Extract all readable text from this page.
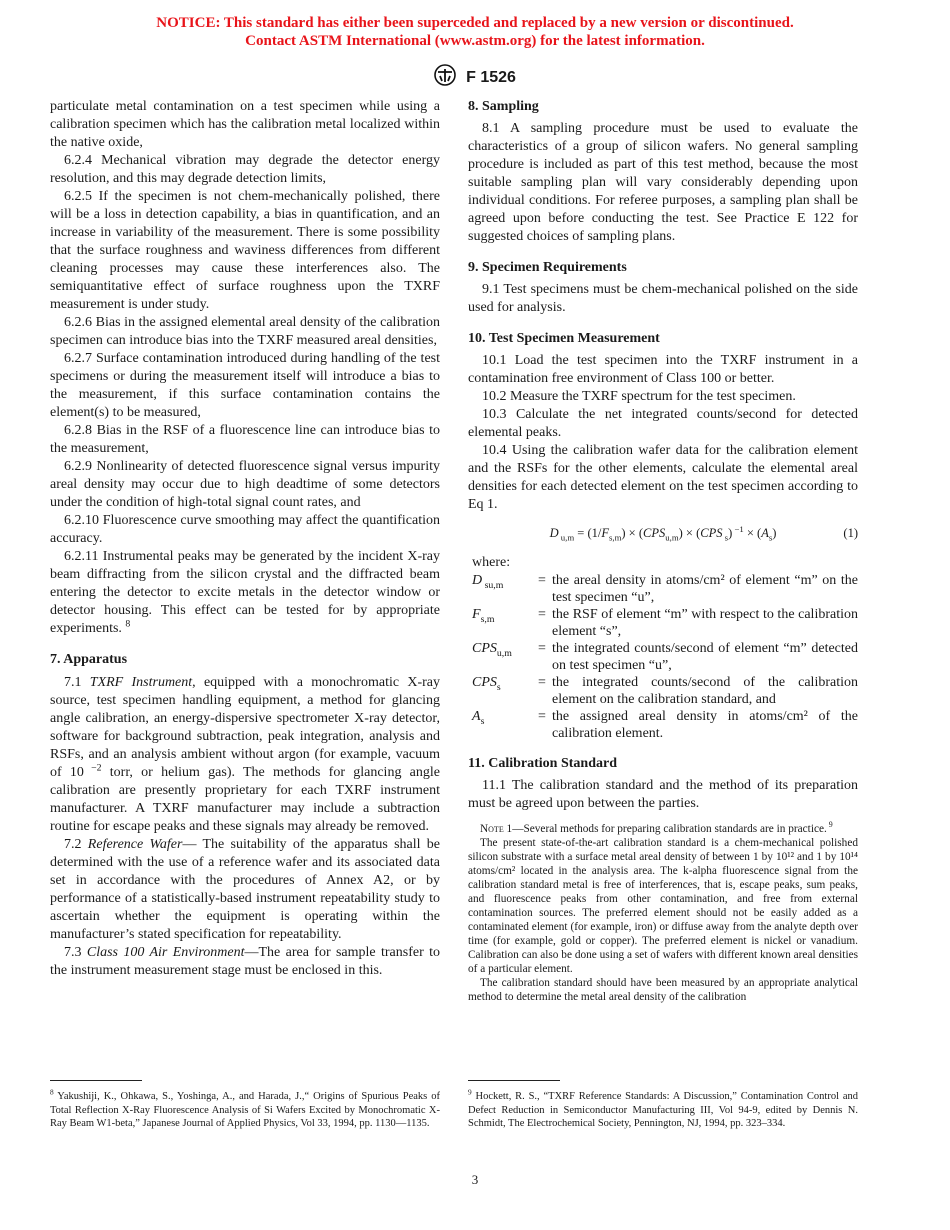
NOTICE: This standard has either been superceded and replaced by a new version or discontinued.
Contact ASTM International (www.astm.org) for the latest information.
F 1526

particulate metal contamination on a test specimen while using a calibration specimen which has the calibration metal localized within the native oxide,

6.2.4 Mechanical vibration may degrade the detector energy resolution, and this may degrade detection limits,

6.2.5 If the specimen is not chem-mechanically polished, there will be a loss in detection capability, a bias in quantification, and an increase in variability of the measurement. There is some possibility that the surface roughness and waviness differences from different cleaning processes may cause these interferences also. The semiquantitative effect of surface roughness upon the TXRF measurement is under study.

6.2.6 Bias in the assigned elemental areal density of the calibration specimen can introduce bias into the TXRF measured areal densities,

6.2.7 Surface contamination introduced during handling of the test specimens or during the measurement itself will introduce a bias to the measurement, if this surface contamination contains the element(s) to be measured,

6.2.8 Bias in the RSF of a fluorescence line can introduce bias to the measurement,

6.2.9 Nonlinearity of detected fluorescence signal versus impurity areal density may occur due to high deadtime of some detectors under the condition of high-total signal count rates, and

6.2.10 Fluorescence curve smoothing may affect the quantification accuracy.

6.2.11 Instrumental peaks may be generated by the incident X-ray beam diffracting from the silicon crystal and the diffracted beam entering the detector to excite metals in the detector window or detector housing. This effect can be tested for by appropriate experiments. $^8$

7. Apparatus

7.1 TXRF Instrument, equipped with a monochromatic X-ray source, test specimen handling equipment, a method for glancing angle calibration, an energy-dispersive spectrometer X-ray detector, software for background subtraction, peak integration, analysis and RSFs, and an analysis ambient without argon (for example, vacuum of 10 $^{-2}$ torr, or helium gas). The methods for glancing angle calibration are presently proprietary for each TXRF instrument manufacturer. A TXRF manufacturer may include a subtraction routine for escape peaks and these signals may already be removed.

7.2 Reference Wafer— The suitability of the apparatus shall be determined with the use of a reference wafer and its associated data set in accordance with the procedures of Annex A2, or by performance of a statistically-based instrument repeatability study to ascertain whether the equipment is operating within the manufacturer’s stated specification for repeatability.

7.3 Class 100 Air Environment—The area for sample transfer to the instrument measurement stage must be enclosed in this.

8. Sampling

8.1 A sampling procedure must be used to evaluate the characteristics of a group of silicon wafers. No general sampling procedure is included as part of this test method, because the most suitable sampling plan will vary considerably depending upon individual conditions. For referee purposes, a sampling plan shall be agreed upon before conducting the test. See Practice E 122 for suggested choices of sampling plans.

9. Specimen Requirements

9.1 Test specimens must be chem-mechanical polished on the side used for analysis.

10. Test Specimen Measurement

10.1 Load the test specimen into the TXRF instrument in a contamination free environment of Class 100 or better.

10.2 Measure the TXRF spectrum for the test specimen.

10.3 Calculate the net integrated counts/second for detected elemental peaks.

10.4 Using the calibration wafer data for the calibration element and the RSFs for the other elements, calculate the elemental areal densities for each detected element on the test specimen according to Eq 1.

D $_{u,m} = (1/F_{s,m}) \times (CPS_{u,m}) \times (CPS$ $_s$) $^{-1} \times (A_s)$	(1)

where:

D $_{su,m}$	=	the areal density in atoms/cm² of element “m” on the test specimen “u”,
$F_{s,m}$	=	the RSF of element “m” with respect to the calibration element “s”,
$CPS_{u,m}$	=	the integrated counts/second of element “m” detected on test specimen “u”,
$CPS_s$	=	the integrated counts/second of the calibration element on the calibration standard, and
$A_s$	=	the assigned areal density in atoms/cm² of the calibration element.
11. Calibration Standard

11.1 The calibration standard and the method of its preparation must be agreed upon between the parties.

Note 1—Several methods for preparing calibration standards are in practice. $^9$

The present state-of-the-art calibration standard is a chem-mechanical polished silicon substrate with a surface metal areal density of between 1 by 10¹² and 1 by 10¹⁴ atoms/cm² located in the analysis area. The k-alpha fluorescence signal from the calibration standard metal is free of interferences, that is, escape peaks, sum peaks, and fluorescence peaks from other contamination, and free from external contamination sources. The preferred element should not be easily added as a contaminated element (for example, iron) or diffuse away from the analyte depth over time (for example, gold or copper). The preferred element is nickel or vanadium. Calibration can also be done using a set of wafers with different known areal densities of a particular element.

The calibration standard should have been measured by an appropriate analytical method to determine the metal areal density of the calibration

$^8$ Yakushiji, K., Ohkawa, S., Yoshinga, A., and Harada, J.,“ Origins of Spurious Peaks of Total Reflection X-Ray Fluorescence Analysis of Si Wafers Excited by Monochromatic X-Ray Beam W1-beta,” Japanese Journal of Applied Physics, Vol 33, 1994, pp. 1130—1135.
$^9$ Hockett, R. S., “TXRF Reference Standards: A Discussion,” Contamination Control and Defect Reduction in Semiconductor Manufacturing III, Vol 94-9, edited by Dennis N. Schmidt, The Electrochemical Society, Pennington, NJ, 1994, pp. 323–334.
3
